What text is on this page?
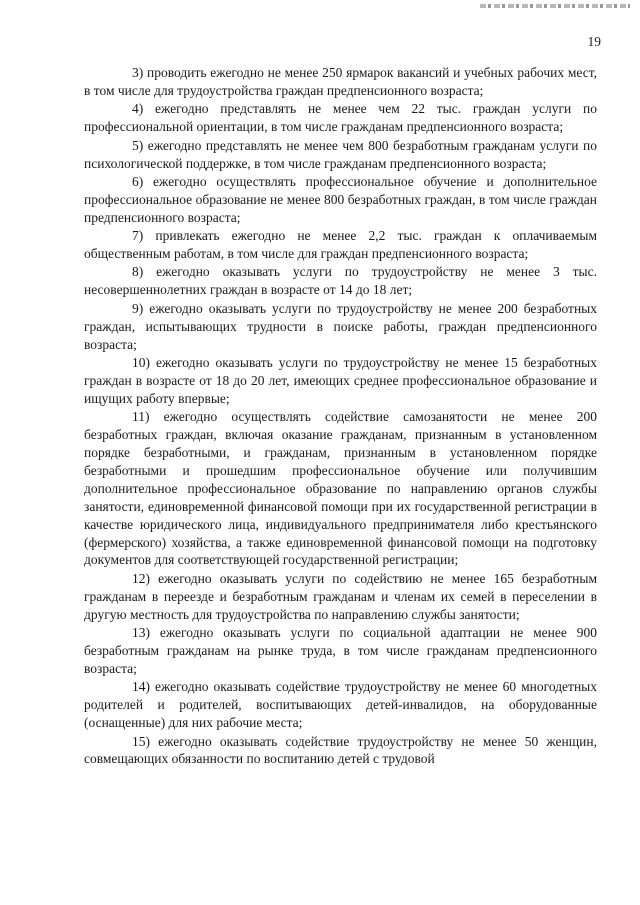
19

3) проводить ежегодно не менее 250 ярмарок вакансий и учебных рабочих мест, в том числе для трудоустройства граждан предпенсионного возраста;

4) ежегодно представлять не менее чем 22 тыс. граждан услуги по профессиональной ориентации, в том числе гражданам предпенсионного возраста;

5) ежегодно представлять не менее чем 800 безработным гражданам услуги по психологической поддержке, в том числе гражданам предпенсионного возраста;

6) ежегодно осуществлять профессиональное обучение и дополнительное профессиональное образование не менее 800 безработных граждан, в том числе граждан предпенсионного возраста;

7) привлекать ежегодно не менее 2,2 тыс. граждан к оплачиваемым общественным работам, в том числе для граждан предпенсионного возраста;

8) ежегодно оказывать услуги по трудоустройству не менее 3 тыс. несовершеннолетних граждан в возрасте от 14 до 18 лет;

9) ежегодно оказывать услуги по трудоустройству не менее 200 безработных граждан, испытывающих трудности в поиске работы, граждан предпенсионного возраста;

10) ежегодно оказывать услуги по трудоустройству не менее 15 безработных граждан в возрасте от 18 до 20 лет, имеющих среднее профессиональное образование и ищущих работу впервые;

11) ежегодно осуществлять содействие самозанятости не менее 200 безработных граждан, включая оказание гражданам, признанным в установленном порядке безработными, и гражданам, признанным в установленном порядке безработными и прошедшим профессиональное обучение или получившим дополнительное профессиональное образование по направлению органов службы занятости, единовременной финансовой помощи при их государственной регистрации в качестве юридического лица, индивидуального предпринимателя либо крестьянского (фермерского) хозяйства, а также единовременной финансовой помощи на подготовку документов для соответствующей государственной регистрации;

12) ежегодно оказывать услуги по содействию не менее 165 безработным гражданам в переезде и безработным гражданам и членам их семей в переселении в другую местность для трудоустройства по направлению службы занятости;

13) ежегодно оказывать услуги по социальной адаптации не менее 900 безработным гражданам на рынке труда, в том числе гражданам предпенсионного возраста;

14) ежегодно оказывать содействие трудоустройству не менее 60 многодетных родителей и родителей, воспитывающих детей-инвалидов, на оборудованные (оснащенные) для них рабочие места;

15) ежегодно оказывать содействие трудоустройству не менее 50 женщин, совмещающих обязанности по воспитанию детей с трудовой
